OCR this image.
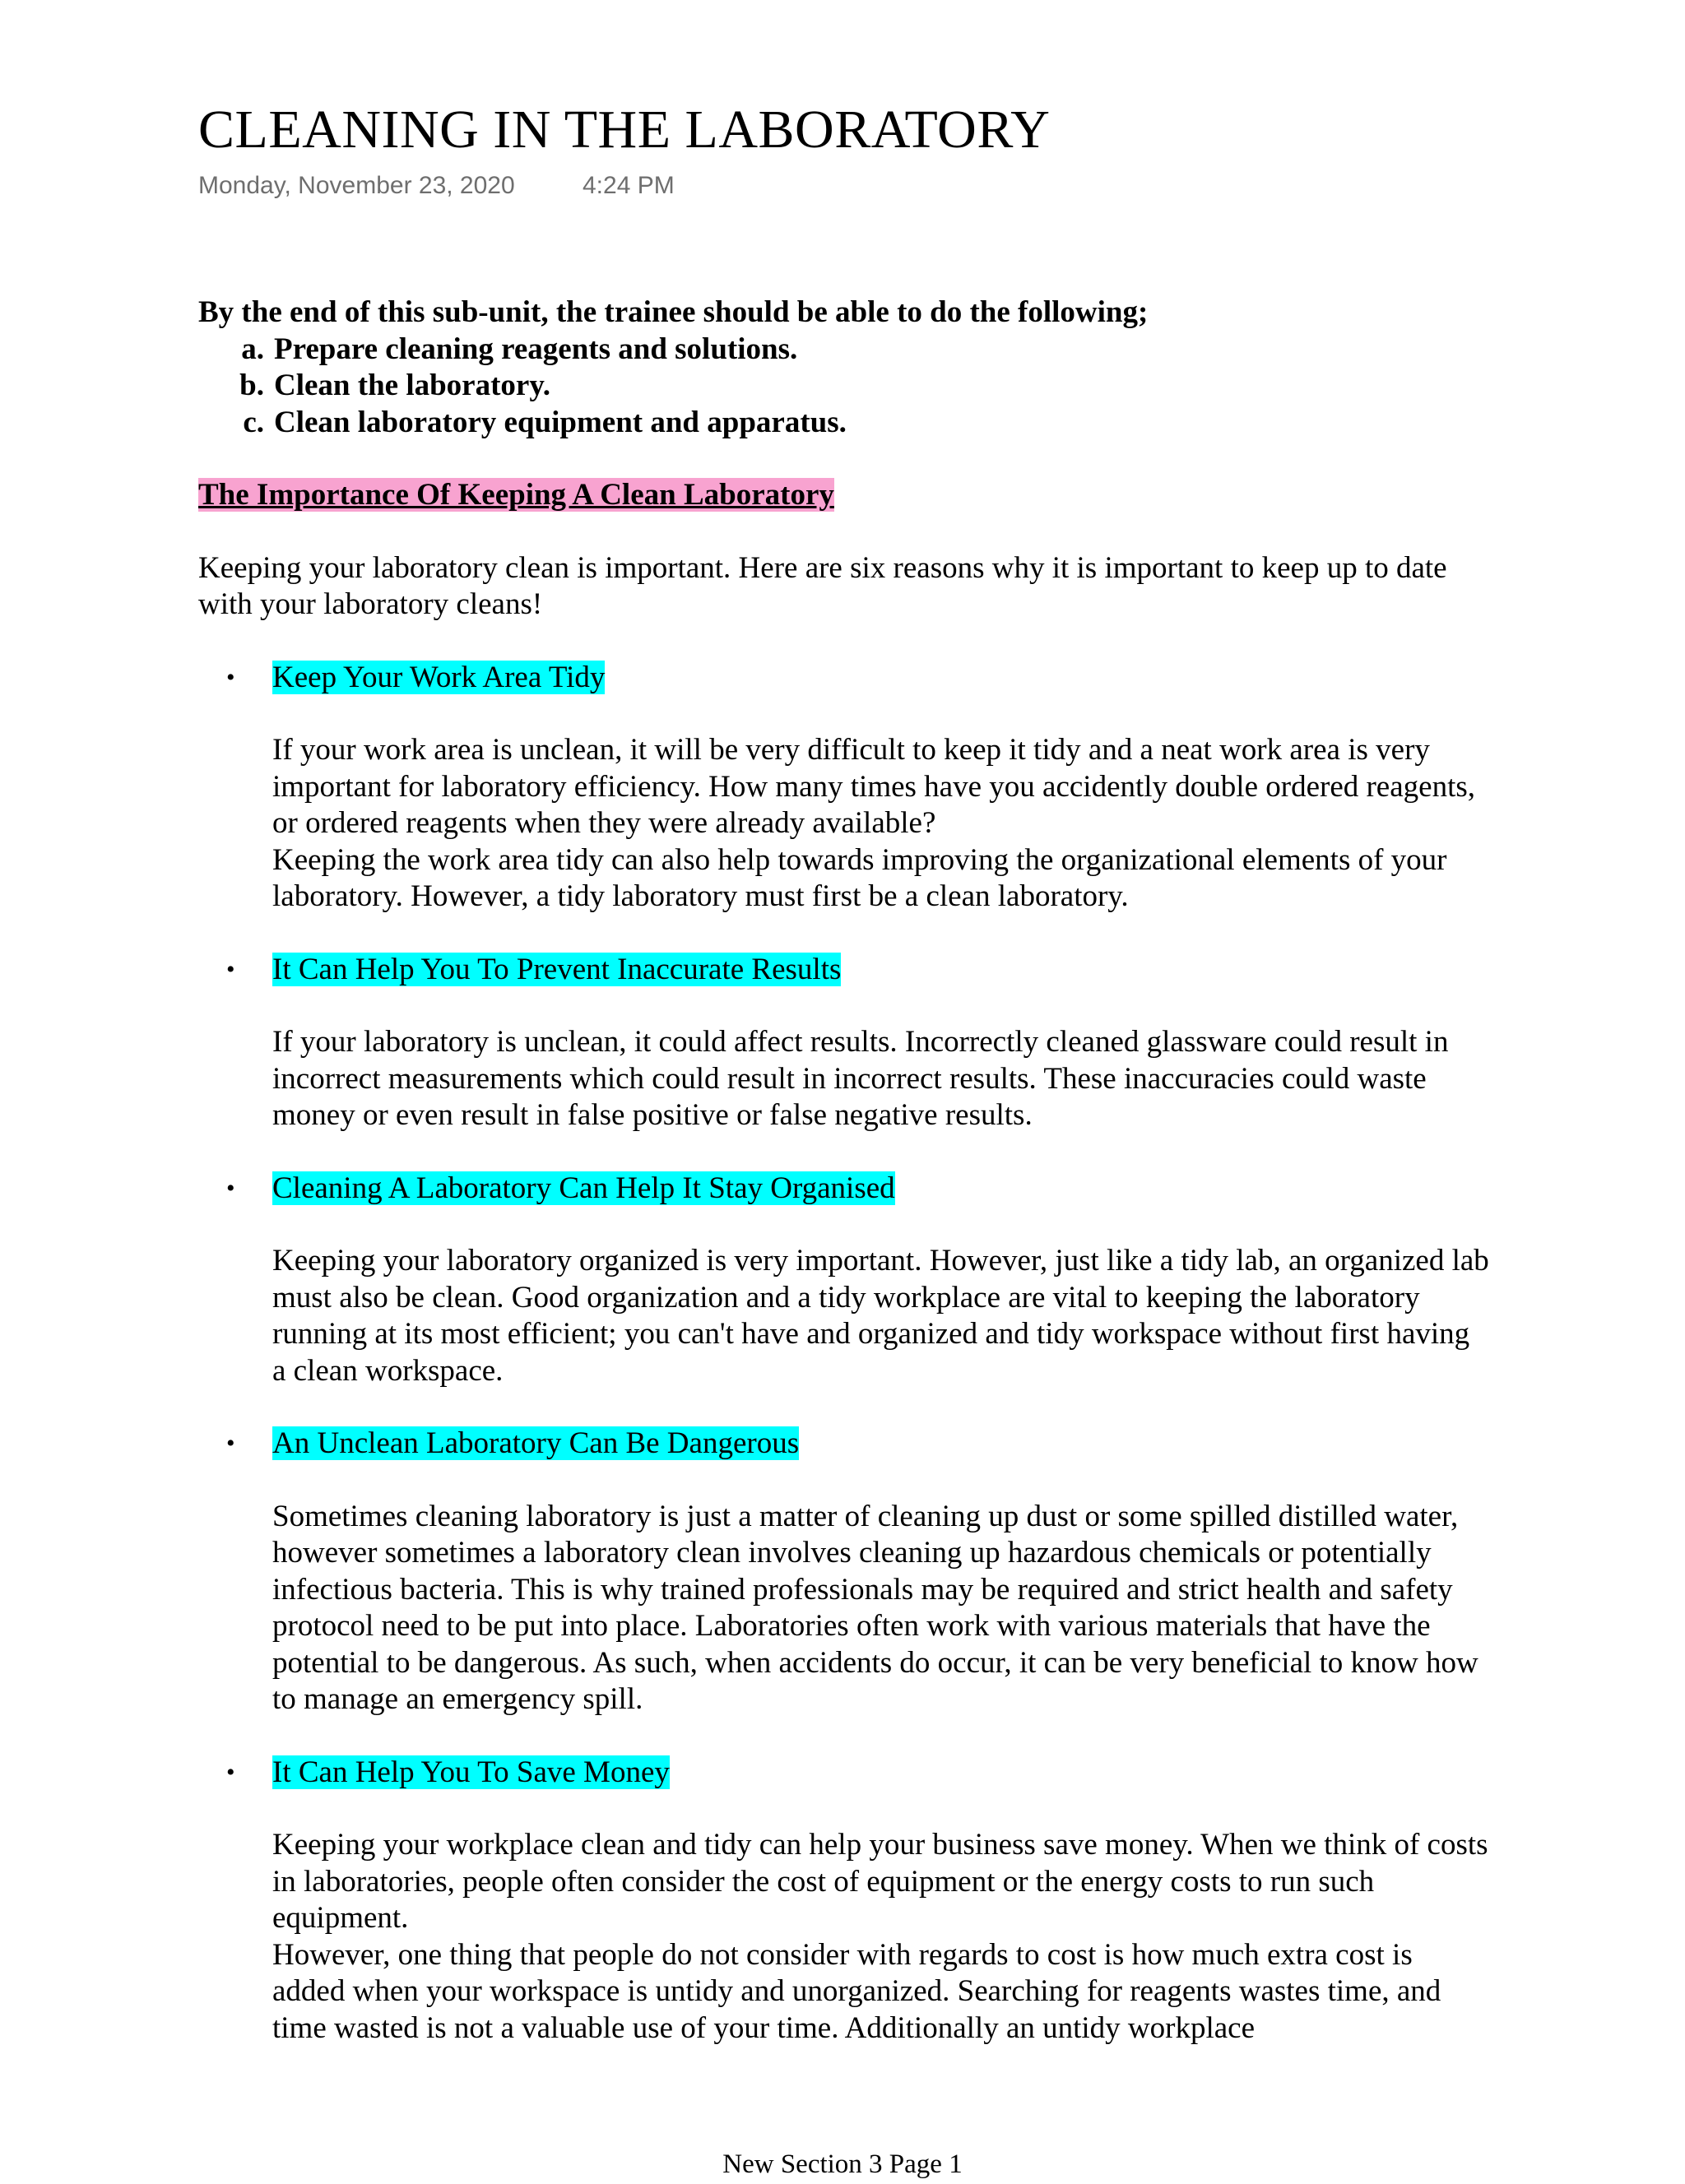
CLEANING IN THE LABORATORY
Monday, November 23, 2020	4:24 PM

By the end of this sub-unit, the trainee should be able to do the following;

a. Prepare cleaning reagents and solutions.
b. Clean the laboratory.
c. Clean laboratory equipment and apparatus.

The Importance Of Keeping A Clean Laboratory

Keeping your laboratory clean is important. Here are six reasons why it is important to keep up to date with your laboratory cleans!

• Keep Your Work Area Tidy

If your work area is unclean, it will be very difficult to keep it tidy and a neat work area is very important for laboratory efficiency. How many times have you accidently double ordered reagents, or ordered reagents when they were already available?

Keeping the work area tidy can also help towards improving the organizational elements of your laboratory. However, a tidy laboratory must first be a clean laboratory.

• It Can Help You To Prevent Inaccurate Results

If your laboratory is unclean, it could affect results. Incorrectly cleaned glassware could result in incorrect measurements which could result in incorrect results. These inaccuracies could waste money or even result in false positive or false negative results.

• Cleaning A Laboratory Can Help It Stay Organised

Keeping your laboratory organized is very important. However, just like a tidy lab, an organized lab must also be clean. Good organization and a tidy workplace are vital to keeping the laboratory running at its most efficient; you can't have and organized and tidy workspace without first having a clean workspace.

• An Unclean Laboratory Can Be Dangerous

Sometimes cleaning laboratory is just a matter of cleaning up dust or some spilled distilled water, however sometimes a laboratory clean involves cleaning up hazardous chemicals or potentially infectious bacteria. This is why trained professionals may be required and strict health and safety protocol need to be put into place. Laboratories often work with various materials that have the potential to be dangerous. As such, when accidents do occur, it can be very beneficial to know how to manage an emergency spill.

• It Can Help You To Save Money

Keeping your workplace clean and tidy can help your business save money. When we think of costs in laboratories, people often consider the cost of equipment or the energy costs to run such equipment.

However, one thing that people do not consider with regards to cost is how much extra cost is added when your workspace is untidy and unorganized. Searching for reagents wastes time, and time wasted is not a valuable use of your time. Additionally an untidy workplace

New Section 3 Page 1
